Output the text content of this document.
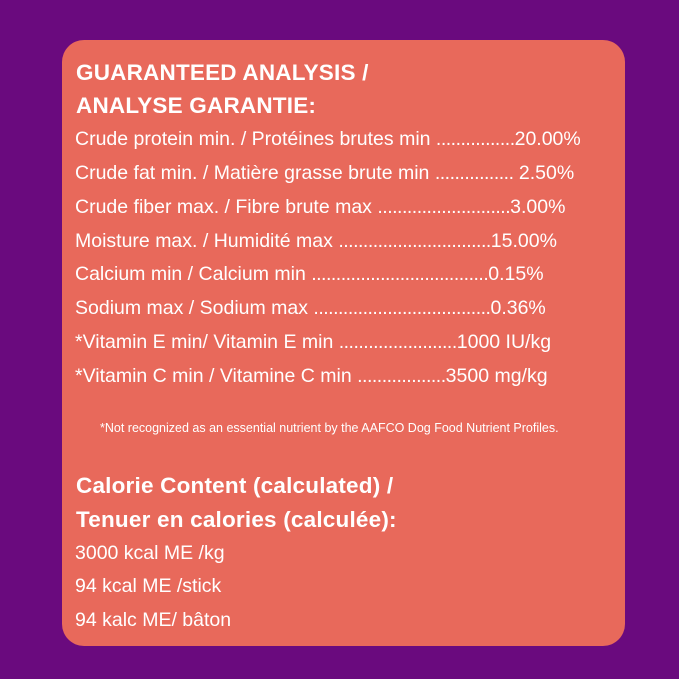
GUARANTEED ANALYSIS /
ANALYSE GARANTIE:
Crude protein min. / Protéines brutes min ................20.00%
Crude fat min. / Matière grasse brute min ................ 2.50%
Crude fiber max. / Fibre brute max ...........................3.00%
Moisture max. / Humidité max ...............................15.00%
Calcium min / Calcium min ....................................0.15%
Sodium max / Sodium max ....................................0.36%
*Vitamin E min/ Vitamin E min ........................1000 IU/kg
*Vitamin C min / Vitamine C min ..................3500 mg/kg
*Not recognized as an essential nutrient by the AAFCO Dog Food Nutrient Profiles.
Calorie Content (calculated) /
Tenuer en calories (calculée):
3000 kcal ME /kg
94 kcal ME /stick
94 kalc ME/ bâton
